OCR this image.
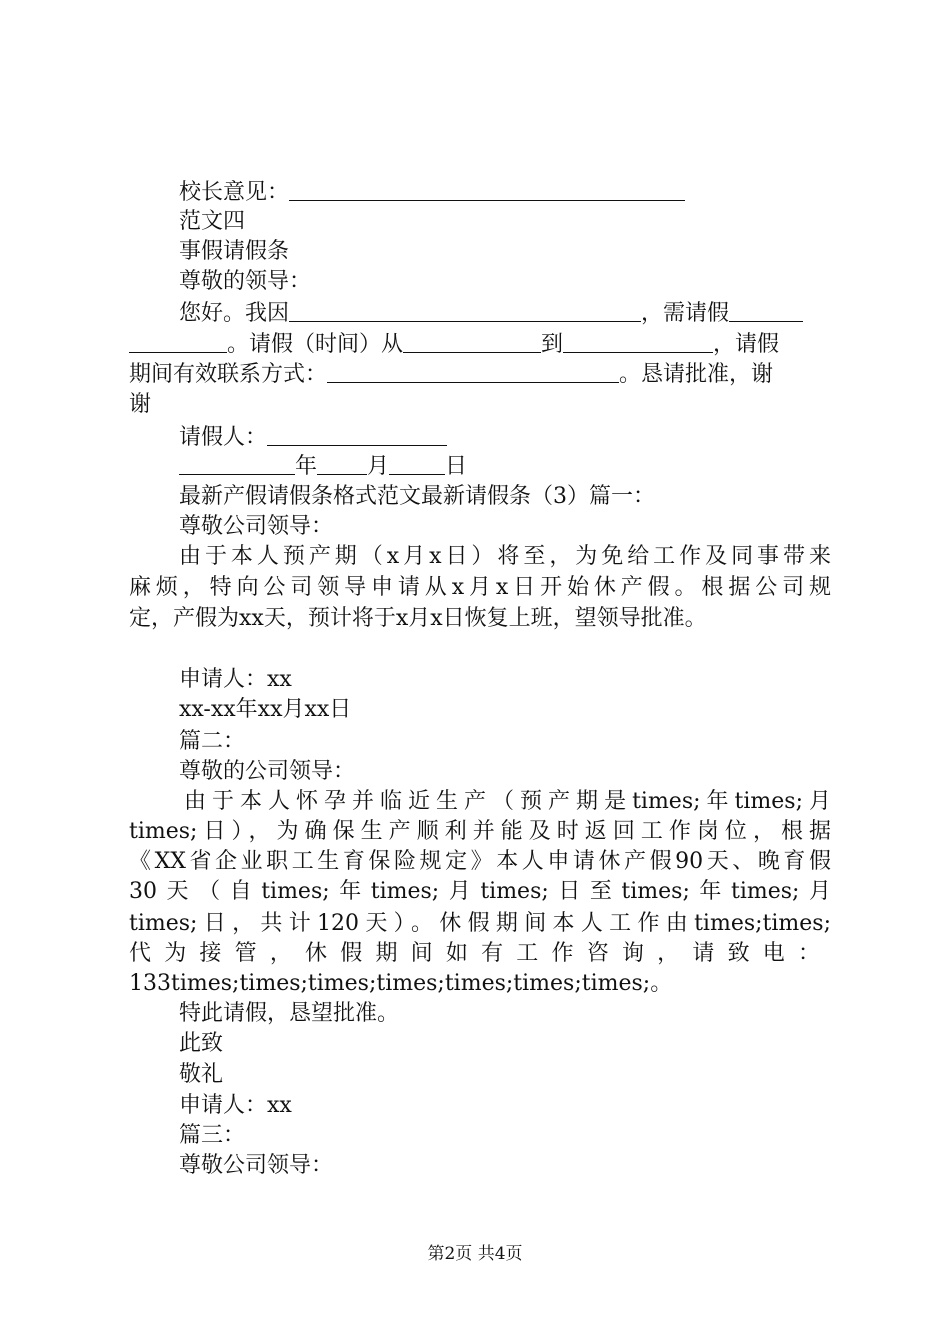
校长意见：
范文四
事假请假条
尊敬的领导：
您好。我因	，需请假
。请假（时间）从	到	，请假
期间有效联系方式：	。恳请批准，谢
谢
请假人：
年 月	日
最新产假请假条格式范文最新请假条（3）篇一：
尊敬公司领导：
由于本人预产期（x月x日）将至，为免给工作及同事带来
麻烦，特向公司领导申请从x月x日开始休产假。根据公司规
定，产假为xx天，预计将于x月x日恢复上班，望领导批准。
申请人：xx
xx-xx年xx月xx日
篇二：
尊敬的公司领导：
由于本人怀孕并临近生产（预产期是times;年times;月
times;日），为确保生产顺利并能及时返回工作岗位，根据
《XX省企业职工生育保险规定》本人申请休产假90天、晚育假
30天（自times;年times;月times;日至times;年times;月
times;日，共计120天）。休假期间本人工作由times;times;
代为接管，休假期间如有工作咨询，请致电：
133times;times;times;times;times;times;times;。
特此请假，恳望批准。
此致
敬礼
申请人：xx
篇三：
尊敬公司领导：
第2页 共4页
